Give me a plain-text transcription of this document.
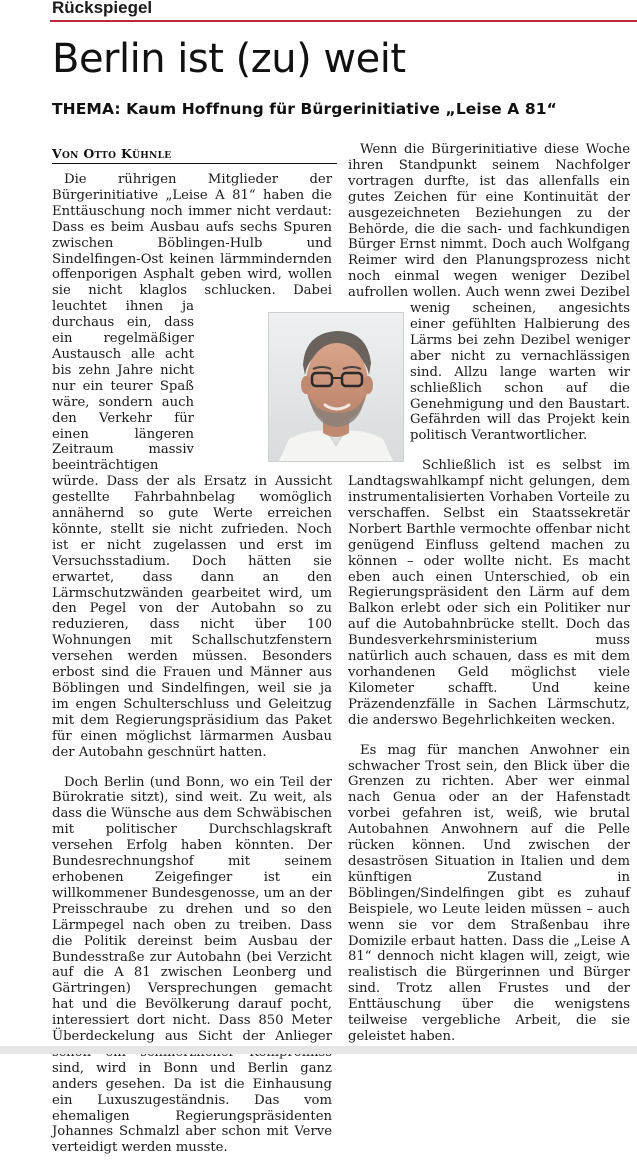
Rückspiegel
Berlin ist (zu) weit
THEMA: Kaum Hoffnung für Bürgerinitiative „Leise A 81“
Von Otto Kühnle

Die rührigen Mitglieder der Bürgerinitiative „Leise A 81“ haben die Enttäuschung noch immer nicht verdaut: Dass es beim Ausbau aufs sechs Spuren zwischen Böblingen-Hulb und Sindelfingen-Ost keinen lärmmindernden offenporigen Asphalt geben wird, wollen sie nicht klaglos schlucken. Dabei leuchtet ihnen ja durchaus ein, dass ein regelmäßiger Austausch alle acht bis zehn Jahre nicht nur ein teurer Spaß wäre, sondern auch den Verkehr für einen längeren Zeitraum massiv beeinträchtigen würde. Dass der als Ersatz in Aussicht gestellte Fahrbahnbelag womöglich annähernd so gute Werte erreichen könnte, stellt sie nicht zufrieden. Noch ist er nicht zugelassen und erst im Versuchsstadium. Doch hätten sie erwartet, dass dann an den Lärmschutzwänden gearbeitet wird, um den Pegel von der Autobahn so zu reduzieren, dass nicht über 100 Wohnungen mit Schallschutzfenstern versehen werden müssen. Besonders erbost sind die Frauen und Männer aus Böblingen und Sindelfingen, weil sie ja im engen Schulterschluss und Geleitzug mit dem Regierungspräsidium das Paket für einen möglichst lärmarmen Ausbau der Autobahn geschnürt hatten.

Doch Berlin (und Bonn, wo ein Teil der Bürokratie sitzt), sind weit. Zu weit, als dass die Wünsche aus dem Schwäbischen mit politischer Durchschlagskraft versehen Erfolg haben könnten. Der Bundesrechnungshof mit seinem erhobenen Zeigefinger ist ein willkommener Bundesgenosse, um an der Preisschraube zu drehen und so den Lärmpegel nach oben zu treiben. Dass die Politik dereinst beim Ausbau der Bundesstraße zur Autobahn (bei Verzicht auf die A 81 zwischen Leonberg und Gärtringen) Versprechungen gemacht hat und die Bevölkerung darauf pocht, interessiert dort nicht. Dass 850 Meter Überdeckelung aus Sicht der Anlieger sind, wird in Bonn und Berlin ganz anders gesehen. Da ist die Einhausung ein Luxuszugeständnis. Das vom ehemaligen Regierungspräsidenten Johannes Schmalzl aber schon mit Verve verteidigt werden musste.

Wenn die Bürgerinitiative diese Woche ihren Standpunkt seinem Nachfolger vortragen durfte, ist das allenfalls ein gutes Zeichen für eine Kontinuität der ausgezeichneten Beziehungen zu der Behörde, die die sach- und fachkundigen Bürger Ernst nimmt. Doch auch Wolfgang Reimer wird den Planungsprozess nicht noch einmal wegen weniger Dezibel aufrollen wollen. Auch wenn zwei Dezibel wenig scheinen, angesichts einer gefühlten Halbierung des Lärms bei zehn Dezibel weniger aber nicht zu vernachlässigen sind. Allzu lange warten wir schließlich schon auf die Genehmigung und den Baustart. Gefährden will das Projekt kein politisch Verantwortlicher.

Schließlich ist es selbst im Landtagswahlkampf nicht gelungen, dem instrumentalisierten Vorhaben Vorteile zu verschaffen. Selbst ein Staatssekretär Norbert Barthle vermochte offenbar nicht genügend Einfluss geltend machen zu können – oder wollte nicht. Es macht eben auch einen Unterschied, ob ein Regierungspräsident den Lärm auf dem Balkon erlebt oder sich ein Politiker nur auf die Autobahnbrücke stellt. Doch das Bundesverkehrsministerium muss natürlich auch schauen, dass es mit dem vorhandenen Geld möglichst viele Kilometer schafft. Und keine Präzendenzfälle in Sachen Lärmschutz, die anderswo Begehrlichkeiten wecken.

Es mag für manchen Anwohner ein schwacher Trost sein, den Blick über die Grenzen zu richten. Aber wer einmal nach Genua oder an der Hafenstadt vorbei gefahren ist, weiß, wie brutal Autobahnen Anwohnern auf die Pelle rücken können. Und zwischen der desaströsen Situation in Italien und dem künftigen Zustand in Böblingen/Sindelfingen gibt es zuhauf Beispiele, wo Leute leiden müssen – auch wenn sie vor dem Straßenbau ihre Domizile erbaut hatten. Dass die „Leise A 81“ dennoch nicht klagen will, zeigt, wie realistisch die Bürgerinnen und Bürger sind. Trotz allen Frustes und der Enttäuschung über die wenigstens teilweise vergebliche Arbeit, die sie geleistet haben.
